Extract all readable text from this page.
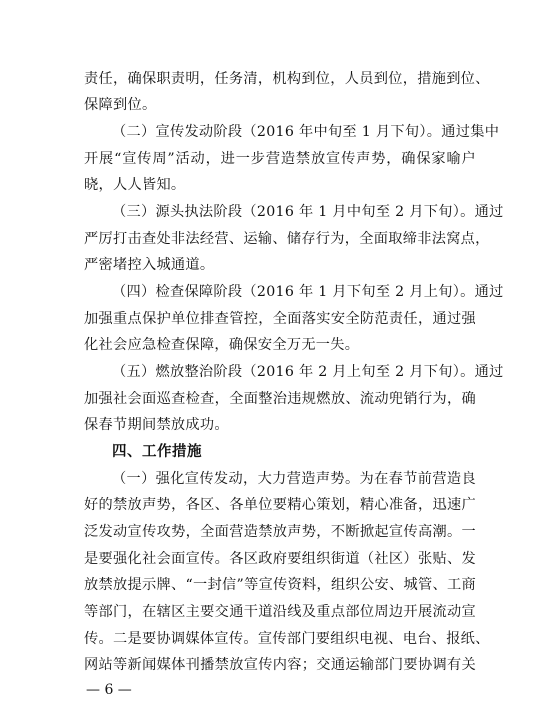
责任，确保职责明，任务清，机构到位，人员到位，措施到位、
保障到位。
（二）宣传发动阶段（2016 年中旬至 1 月下旬）。通过集中
开展“宣传周”活动，进一步营造禁放宣传声势，确保家喻户
晓，人人皆知。
（三）源头执法阶段（2016 年 1 月中旬至 2 月下旬）。通过
严厉打击查处非法经营、运输、储存行为，全面取缔非法窝点，
严密堵控入城通道。
（四）检查保障阶段（2016 年 1 月下旬至 2 月上旬）。通过
加强重点保护单位排查管控，全面落实安全防范责任，通过强
化社会应急检查保障，确保安全万无一失。
（五）燃放整治阶段（2016 年 2 月上旬至 2 月下旬）。通过
加强社会面巡查检查，全面整治违规燃放、流动兜销行为，确
保春节期间禁放成功。
四、工作措施
（一）强化宣传发动，大力营造声势。为在春节前营造良
好的禁放声势，各区、各单位要精心策划，精心准备，迅速广
泛发动宣传攻势，全面营造禁放声势，不断掀起宣传高潮。一
是要强化社会面宣传。各区政府要组织街道（社区）张贴、发
放禁放提示牌、“一封信”等宣传资料，组织公安、城管、工商
等部门，在辖区主要交通干道沿线及重点部位周边开展流动宣
传。二是要协调媒体宣传。宣传部门要组织电视、电台、报纸、
网站等新闻媒体刊播禁放宣传内容；交通运输部门要协调有关
— 6 —
